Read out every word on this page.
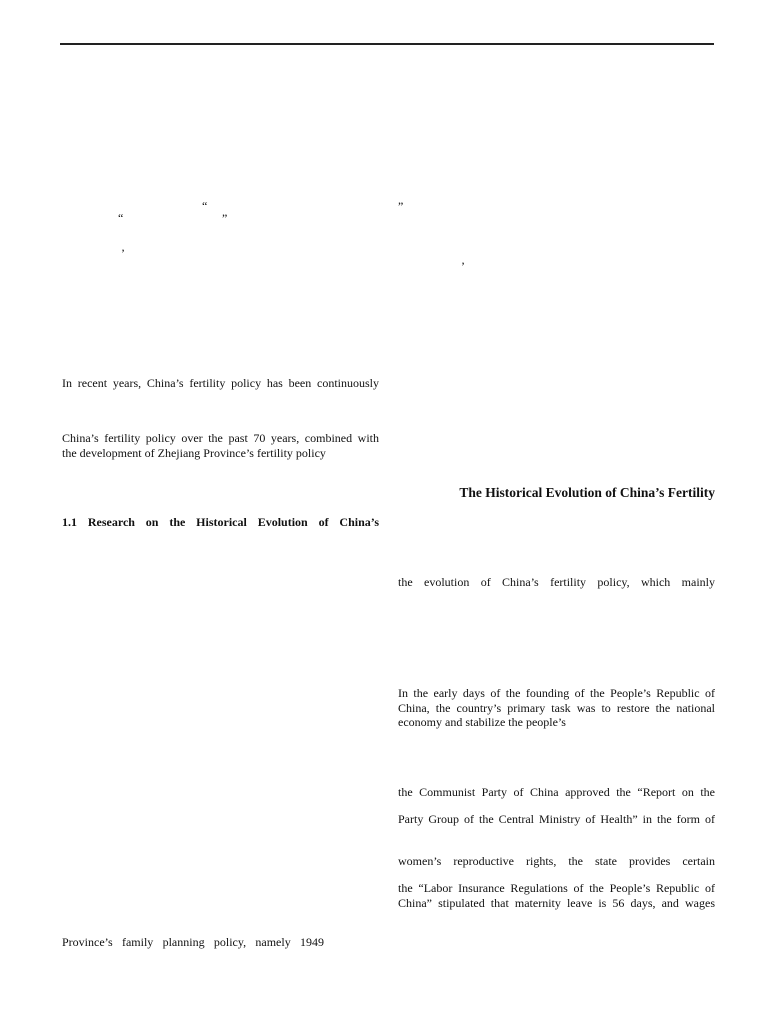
“	”
“	”
’
’
In recent years, China’s fertility policy has been continuously
China’s fertility policy over the past 70 years, combined with
the development of Zhejiang Province’s fertility policy
1.1 Research on the Historical Evolution of China’s
Province’s family planning policy, namely 1949
The Historical Evolution of China’s Fertility
the evolution of China’s fertility policy, which mainly
In the early days of the founding of the People’s Republic of
China, the country’s primary task was to restore the national
economy and stabilize the people’s
the Communist Party of China approved the “Report on the
Party Group of the Central Ministry of Health” in the form of
women’s reproductive rights, the state provides certain
the “Labor Insurance Regulations of the People’s Republic of
China” stipulated that maternity leave is 56 days, and wages
